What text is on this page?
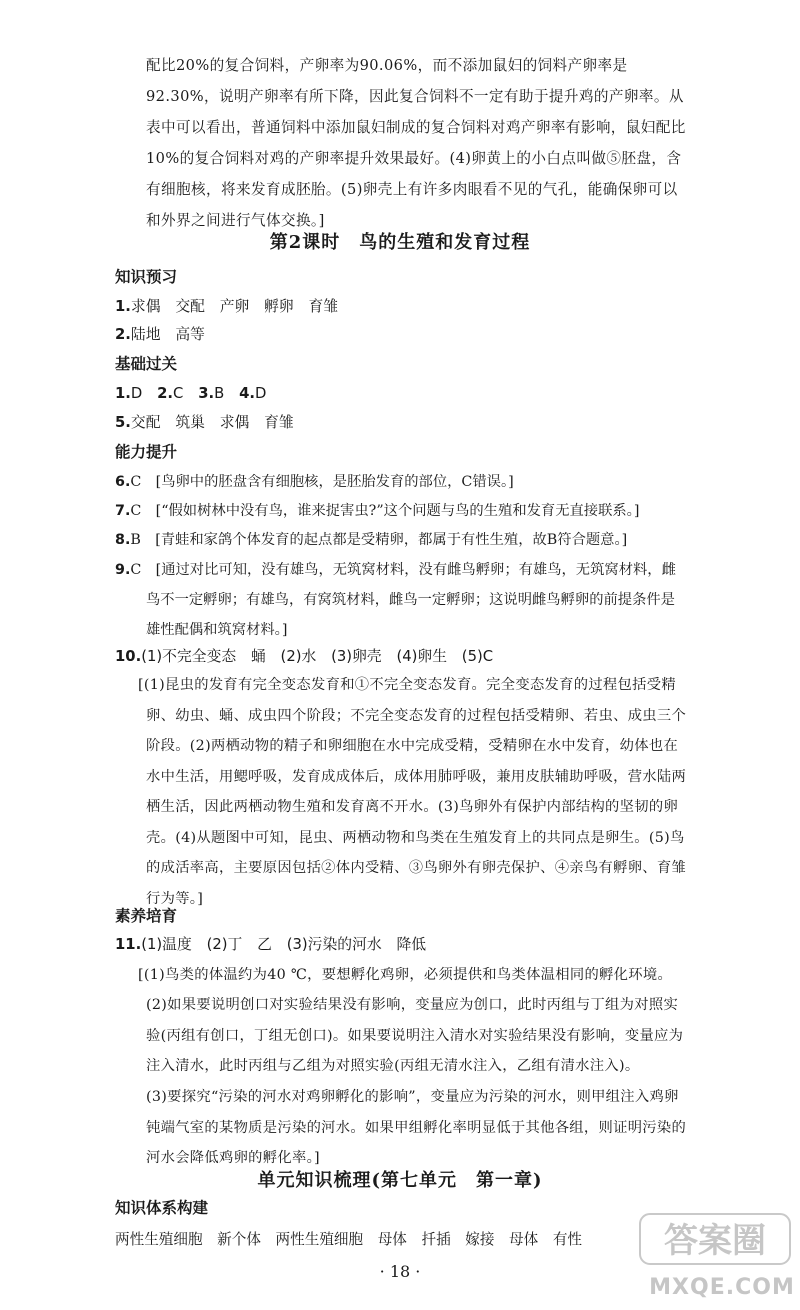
配比20%的复合饲料，产卵率为90.06%，而不添加鼠妇的饲料产卵率是92.30%，说明产卵率有所下降，因此复合饲料不一定有助于提升鸡的产卵率。从表中可以看出，普通饲料中添加鼠妇制成的复合饲料对鸡产卵率有影响，鼠妇配比10%的复合饲料对鸡的产卵率提升效果最好。(4)卵黄上的小白点叫做⑤胚盘，含有细胞核，将来发育成胚胎。(5)卵壳上有许多肉眼看不见的气孔，能确保卵可以和外界之间进行气体交换。]
第2课时　鸟的生殖和发育过程
知识预习
1.求偶　交配　产卵　孵卵　育雏
2.陆地　高等
基础过关
1.D　2.C　3.B　4.D
5.交配　筑巢　求偶　育雏
能力提升
6.C　[鸟卵中的胚盘含有细胞核，是胚胎发育的部位，C错误。]
7.C　[“假如树林中没有鸟，谁来捉害虫?”这个问题与鸟的生殖和发育无直接联系。]
8.B　[青蛙和家鸽个体发育的起点都是受精卵，都属于有性生殖，故B符合题意。]
9.C　[通过对比可知，没有雄鸟，无筑窝材料，没有雌鸟孵卵；有雄鸟，无筑窝材料，雌鸟不一定孵卵；有雄鸟，有窝筑材料，雌鸟一定孵卵；这说明雌鸟孵卵的前提条件是雄性配偶和筑窝材料。]
10.(1)不完全变态　蛹　(2)水　(3)卵壳　(4)卵生　(5)C
[(1)昆虫的发育有完全变态发育和①不完全变态发育。完全变态发育的过程包括受精卵、幼虫、蛹、成虫四个阶段；不完全变态发育的过程包括受精卵、若虫、成虫三个阶段。(2)两栖动物的精子和卵细胞在水中完成受精，受精卵在水中发育，幼体也在水中生活，用鳃呼吸，发育成成体后，成体用肺呼吸，兼用皮肤辅助呼吸，营水陆两栖生活，因此两栖动物生殖和发育离不开水。(3)鸟卵外有保护内部结构的坚韧的卵壳。(4)从题图中可知，昆虫、两栖动物和鸟类在生殖发育上的共同点是卵生。(5)鸟的成活率高，主要原因包括②体内受精、③鸟卵外有卵壳保护、④亲鸟有孵卵、育雏行为等。]
素养培育
11.(1)温度　(2)丁　乙　(3)污染的河水　降低
[(1)鸟类的体温约为40 ℃，要想孵化鸡卵，必须提供和鸟类体温相同的孵化环境。
(2)如果要说明创口对实验结果没有影响，变量应为创口，此时丙组与丁组为对照实验(丙组有创口，丁组无创口)。如果要说明注入清水对实验结果没有影响，变量应为注入清水，此时丙组与乙组为对照实验(丙组无清水注入，乙组有清水注入)。
(3)要探究“污染的河水对鸡卵孵化的影响”，变量应为污染的河水，则甲组注入鸡卵钝端气室的某物质是污染的河水。如果甲组孵化率明显低于其他各组，则证明污染的河水会降低鸡卵的孵化率。]
单元知识梳理(第七单元　第一章)
知识体系构建
两性生殖细胞　新个体　两性生殖细胞　母体　扦插　嫁接　母体　有性
· 18 ·
答案圈
MXQE.COM
